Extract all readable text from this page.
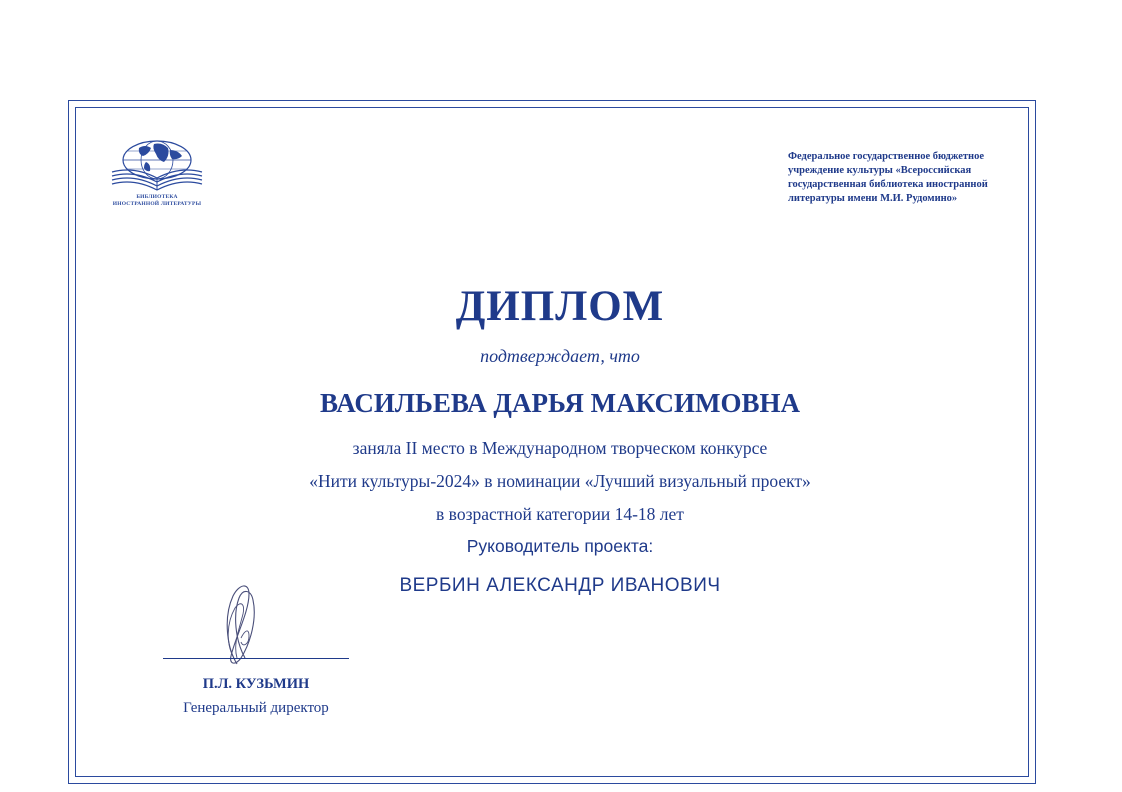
БИБЛИОТЕКА
ИНОСТРАННОЙ ЛИТЕРАТУРЫ
Федеральное государственное бюджетное
учреждение культуры «Всероссийская
государственная библиотека иностранной
литературы имени М.И. Рудомино»
ДИПЛОМ
подтверждает, что
ВАСИЛЬЕВА ДАРЬЯ МАКСИМОВНА
заняла II место в Международном творческом конкурсе
«Нити культуры-2024» в номинации «Лучший визуальный проект»
в возрастной категории 14-18 лет
Руководитель проекта:
ВЕРБИН АЛЕКСАНДР ИВАНОВИЧ
П.Л. КУЗЬМИН
Генеральный директор
